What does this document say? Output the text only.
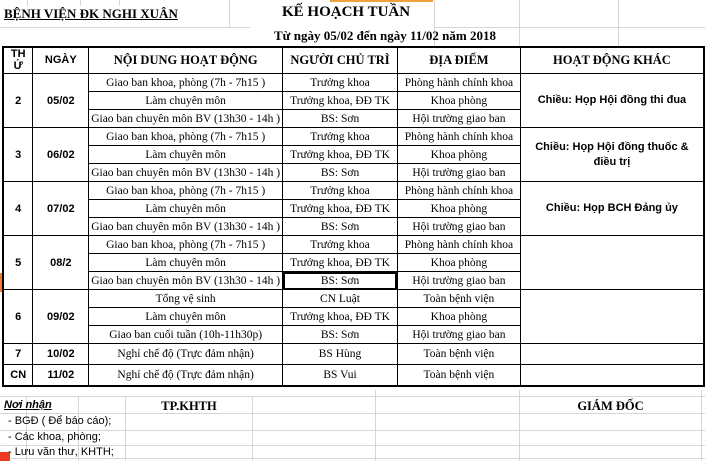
BỆNH VIỆN ĐK NGHI XUÂN	KẾ HOẠCH TUẦN
Từ ngày 05/02 đến ngày 11/02 năm 2018
THỨ	NGÀY	NỘI DUNG HOẠT ĐỘNG	NGƯỜI CHỦ TRÌ	ĐỊA ĐIỂM	HOẠT ĐỘNG KHÁC
2	05/02	Giao ban khoa, phòng (7h - 7h15 )	Trưởng khoa	Phòng hành chính khoa	Chiều: Họp Hội đồng thi đua
		Làm chuyên môn	Trưởng khoa, ĐĐ TK	Khoa phòng	
		Giao ban chuyên môn BV (13h30 - 14h )	BS: Sơn	Hội trường giao ban	
3	06/02	Giao ban khoa, phòng (7h - 7h15 )	Trưởng khoa	Phòng hành chính khoa	Chiều: Họp Hội đồng thuốc & điều trị
		Làm chuyên môn	Trưởng khoa, ĐĐ TK	Khoa phòng	
		Giao ban chuyên môn BV (13h30 - 14h )	BS: Sơn	Hội trường giao ban	
4	07/02	Giao ban khoa, phòng (7h - 7h15 )	Trưởng khoa	Phòng hành chính khoa	Chiều: Họp BCH Đảng ủy
		Làm chuyên môn	Trưởng khoa, ĐĐ TK	Khoa phòng	
		Giao ban chuyên môn BV (13h30 - 14h )	BS: Sơn	Hội trường giao ban	
5	08/2	Giao ban khoa, phòng (7h - 7h15 )	Trưởng khoa	Phòng hành chính khoa	
		Làm chuyên môn	Trưởng khoa, ĐĐ TK	Khoa phòng	
		Giao ban chuyên môn BV (13h30 - 14h )	BS: Sơn	Hội trường giao ban	
6	09/02	Tổng vệ sinh	CN Luật	Toàn bệnh viện	
		Làm chuyên môn	Trưởng khoa, ĐĐ TK	Khoa phòng	
		Giao ban cuối tuần (10h-11h30p)	BS: Sơn	Hội trường giao ban	
7	10/02	Nghỉ chế độ (Trực đảm nhận)	BS Hùng	Toàn bệnh viện	
CN	11/02	Nghỉ chế độ (Trực đảm nhận)	BS Vui	Toàn bệnh viện	
Nơi nhận	TP.KHTH	GIÁM ĐỐC
- BGĐ ( Để báo cáo);
- Các khoa, phòng;
- Lưu văn thư, KHTH;
